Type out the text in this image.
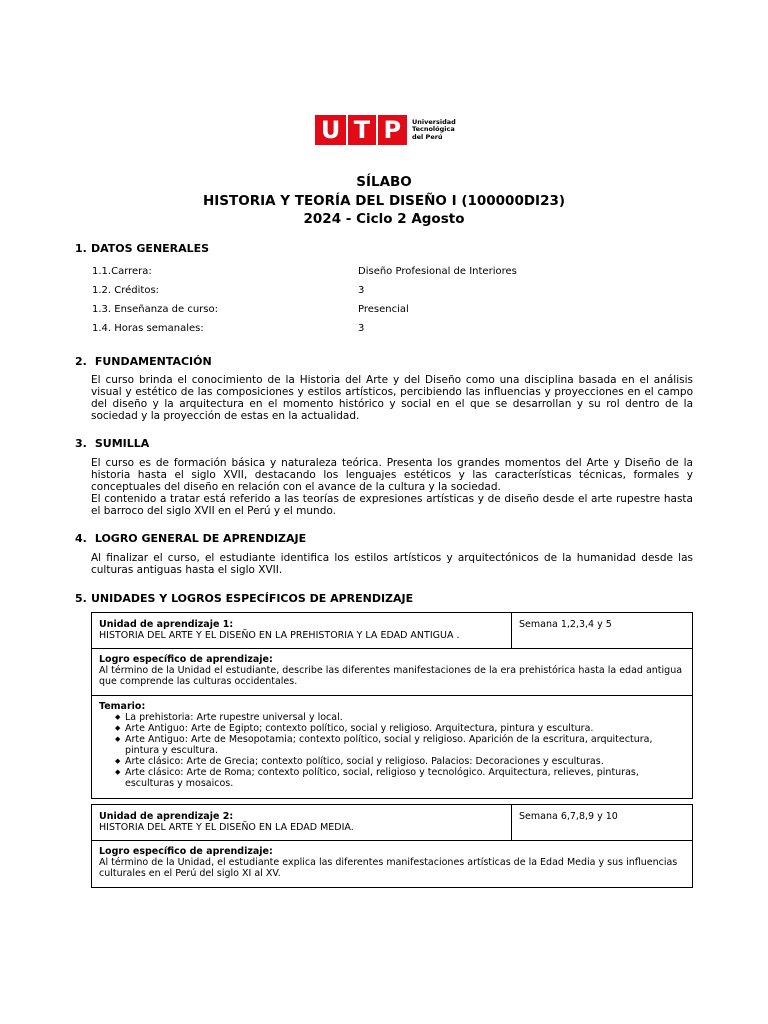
U T P Universidad
Tecnológica
del Perú
SÍLABO
HISTORIA Y TEORÍA DEL DISEÑO I (100000DI23)
2024 - Ciclo 2 Agosto
1. DATOS GENERALES
1.1.Carrera:	Diseño Profesional de Interiores
1.2. Créditos:	3
1.3. Enseñanza de curso:	Presencial
1.4. Horas semanales:	3
2. FUNDAMENTACIÓN
El curso brinda el conocimiento de la Historia del Arte y del Diseño como una disciplina basada en el análisis visual y estético de las composiciones y estilos artísticos, percibiendo las influencias y proyecciones en el campo del diseño y la arquitectura en el momento histórico y social en el que se desarrollan y su rol dentro de la sociedad y la proyección de estas en la actualidad.
3. SUMILLA
El curso es de formación básica y naturaleza teórica. Presenta los grandes momentos del Arte y Diseño de la historia hasta el siglo XVII, destacando los lenguajes estéticos y las características técnicas, formales y conceptuales del diseño en relación con el avance de la cultura y la sociedad.
El contenido a tratar está referido a las teorías de expresiones artísticas y de diseño desde el arte rupestre hasta el barroco del siglo XVII en el Perú y el mundo.
4. LOGRO GENERAL DE APRENDIZAJE
Al finalizar el curso, el estudiante identifica los estilos artísticos y arquitectónicos de la humanidad desde las culturas antiguas hasta el siglo XVII.
5. UNIDADES Y LOGROS ESPECÍFICOS DE APRENDIZAJE
Unidad de aprendizaje 1:
HISTORIA DEL ARTE Y EL DISEÑO EN LA PREHISTORIA Y LA EDAD ANTIGUA .
Semana 1,2,3,4 y 5
Logro específico de aprendizaje:
Al término de la Unidad el estudiante, describe las diferentes manifestaciones de la era prehistórica hasta la edad antigua que comprende las culturas occidentales.
Temario:
◆ La prehistoria: Arte rupestre universal y local.
◆ Arte Antiguo: Arte de Egipto; contexto político, social y religioso. Arquitectura, pintura y escultura.
◆ Arte Antiguo: Arte de Mesopotamia; contexto político, social y religioso. Aparición de la escritura, arquitectura, pintura y escultura.
◆ Arte clásico: Arte de Grecia; contexto político, social y religioso. Palacios: Decoraciones y esculturas.
◆ Arte clásico: Arte de Roma; contexto político, social, religioso y tecnológico. Arquitectura, relieves, pinturas, esculturas y mosaicos.
Unidad de aprendizaje 2:
HISTORIA DEL ARTE Y EL DISEÑO EN LA EDAD MEDIA.
Semana 6,7,8,9 y 10
Logro específico de aprendizaje:
Al término de la Unidad, el estudiante explica las diferentes manifestaciones artísticas de la Edad Media y sus influencias culturales en el Perú del siglo XI al XV.
